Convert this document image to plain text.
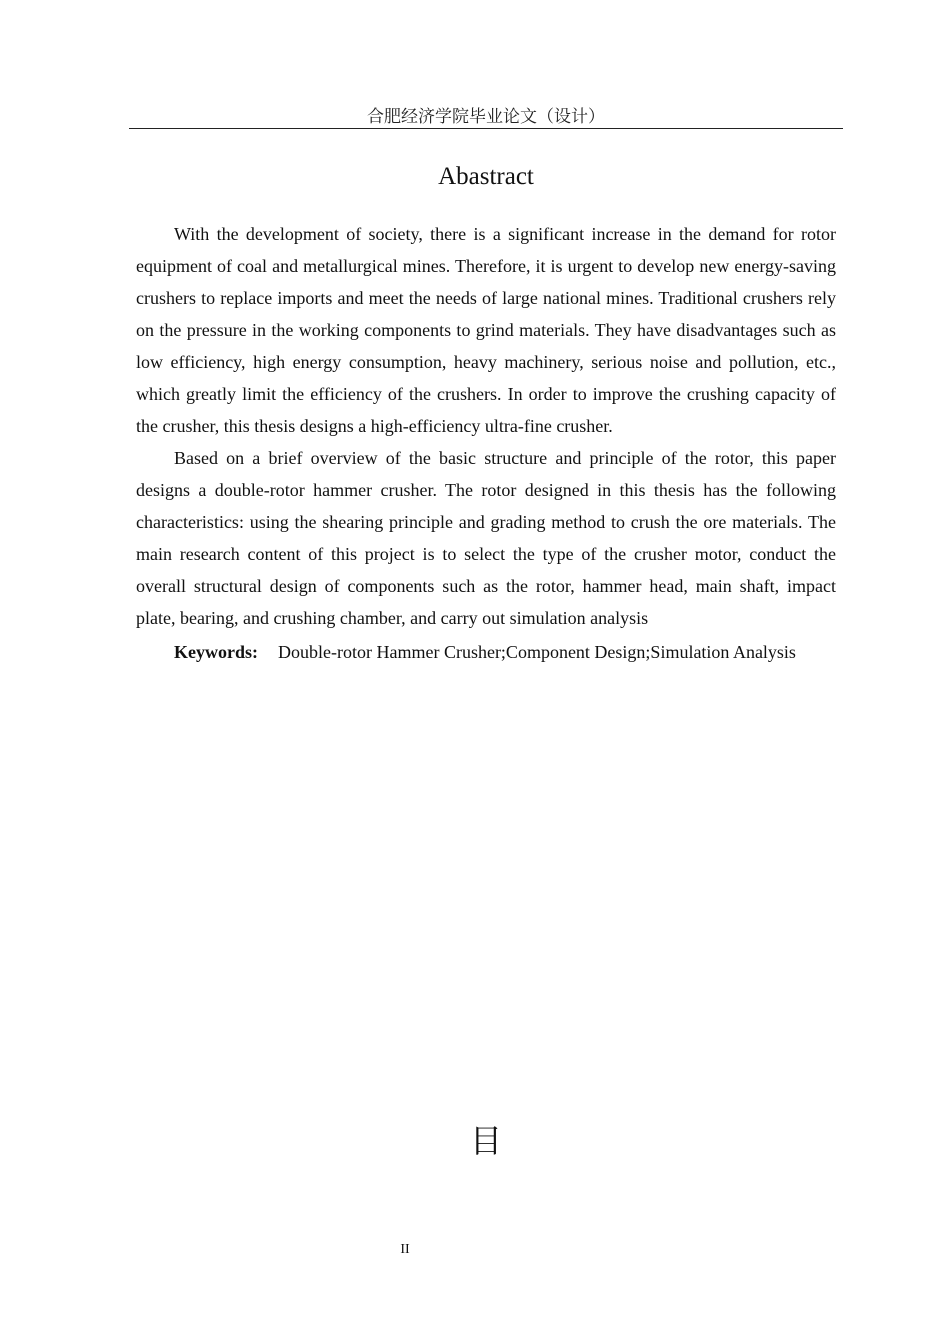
合肥经济学院毕业论文（设计）
Abastract

With the development of society, there is a significant increase in the demand for rotor equipment of coal and metallurgical mines. Therefore, it is urgent to develop new energy-saving crushers to replace imports and meet the needs of large national mines. Traditional crushers rely on the pressure in the working components to grind materials. They have disadvantages such as low efficiency, high energy consumption, heavy machinery, serious noise and pollution, etc., which greatly limit the efficiency of the crushers. In order to improve the crushing capacity of the crusher, this thesis designs a high-efficiency ultra-fine crusher.

Based on a brief overview of the basic structure and principle of the rotor, this paper designs a double-rotor hammer crusher. The rotor designed in this thesis has the following characteristics: using the shearing principle and grading method to crush the ore materials. The main research content of this project is to select the type of the crusher motor, conduct the overall structural design of components such as the rotor, hammer head, main shaft, impact plate, bearing, and crushing chamber, and carry out simulation analysis

Keywords: Double-rotor Hammer Crusher;Component Design;Simulation Analysis
目
II
